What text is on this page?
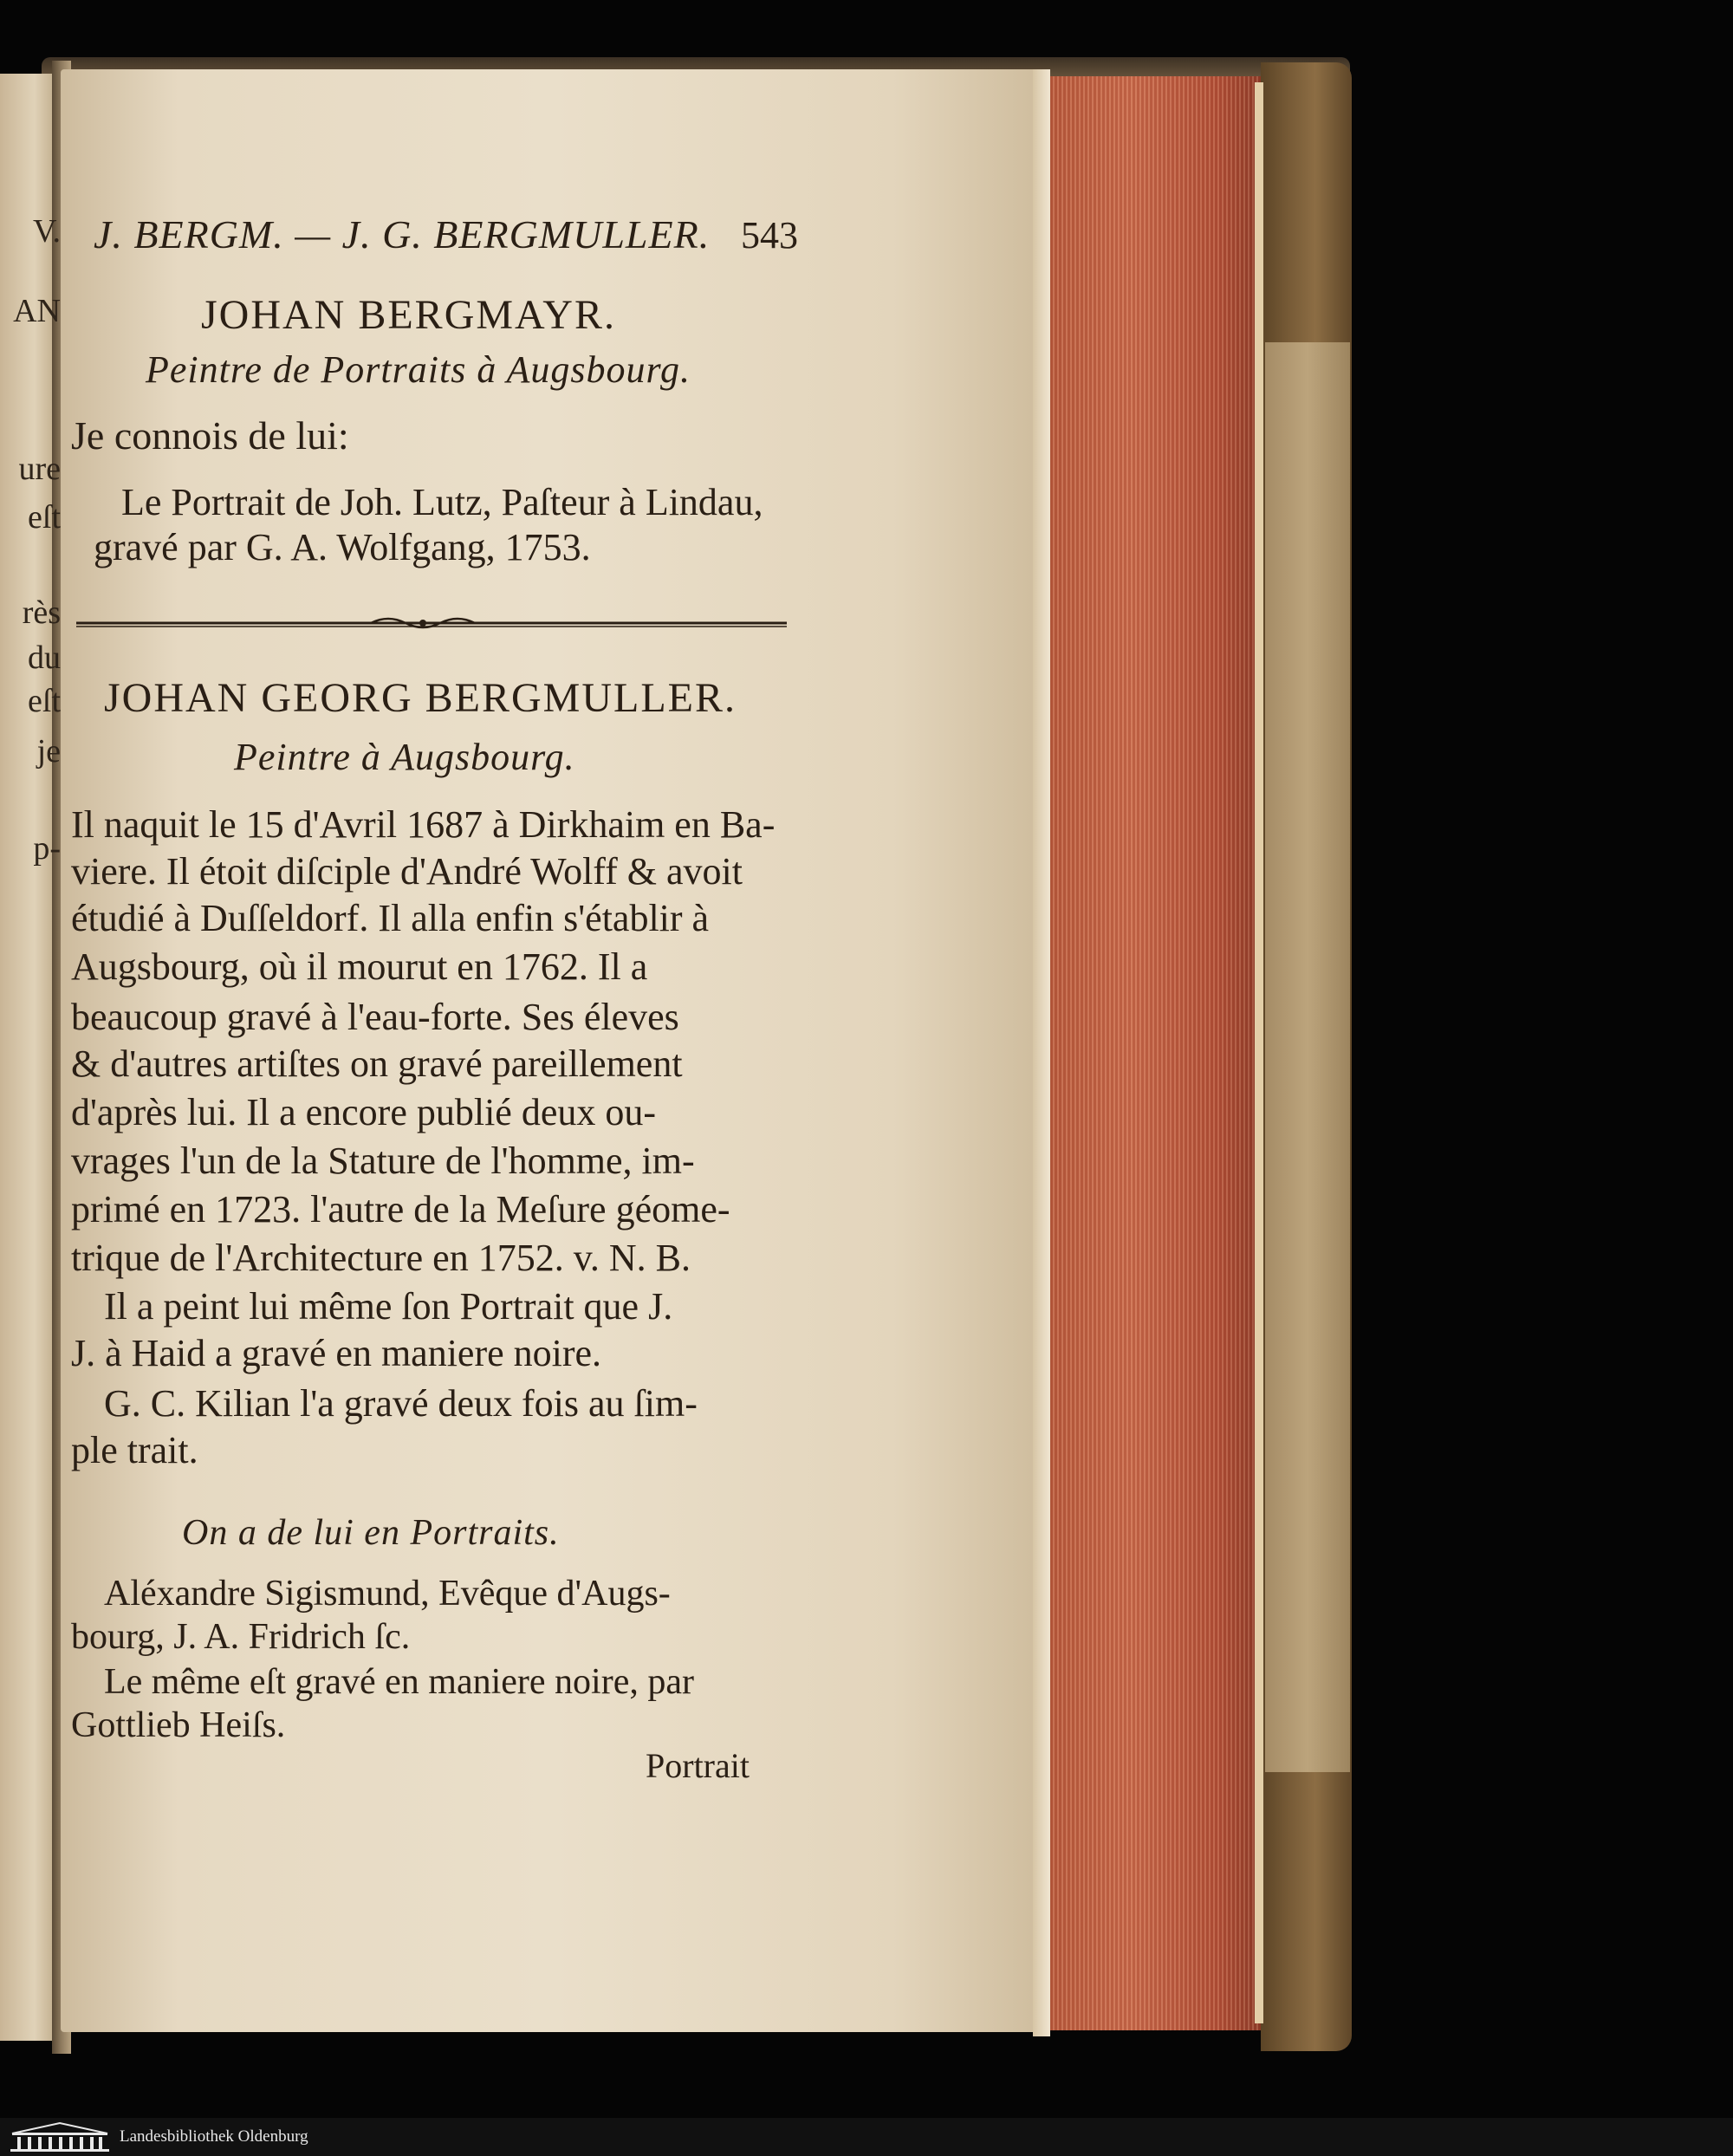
V.
AN
ure
eſt
rès
du
eſt
je
p-
J. BERGM. — J. G. BERGMULLER. 543
JOHAN BERGMAYR.
Peintre de Portraits à Augsbourg.
Je connois de lui:
Le Portrait de Joh. Lutz, Paſteur à Lindau,
gravé par G. A. Wolfgang, 1753.
JOHAN GEORG BERGMULLER.
Peintre à Augsbourg.
Il naquit le 15 d'Avril 1687 à Dirkhaim en Ba-
viere. Il étoit diſciple d'André Wolff & avoit
étudié à Duſſeldorf. Il alla enfin s'établir à
Augsbourg, où il mourut en 1762. Il a
beaucoup gravé à l'eau-forte. Ses éleves
& d'autres artiſtes on gravé pareillement
d'après lui. Il a encore publié deux ou-
vrages l'un de la Stature de l'homme, im-
primé en 1723. l'autre de la Meſure géome-
trique de l'Architecture en 1752. v. N. B.
Il a peint lui même ſon Portrait que J.
J. à Haid a gravé en maniere noire.
G. C. Kilian l'a gravé deux fois au ſim-
ple trait.
On a de lui en Portraits.
Aléxandre Sigismund, Evêque d'Augs-
bourg, J. A. Fridrich ſc.
Le même eſt gravé en maniere noire, par
Gottlieb Heiſs.
Portrait
Landesbibliothek Oldenburg
